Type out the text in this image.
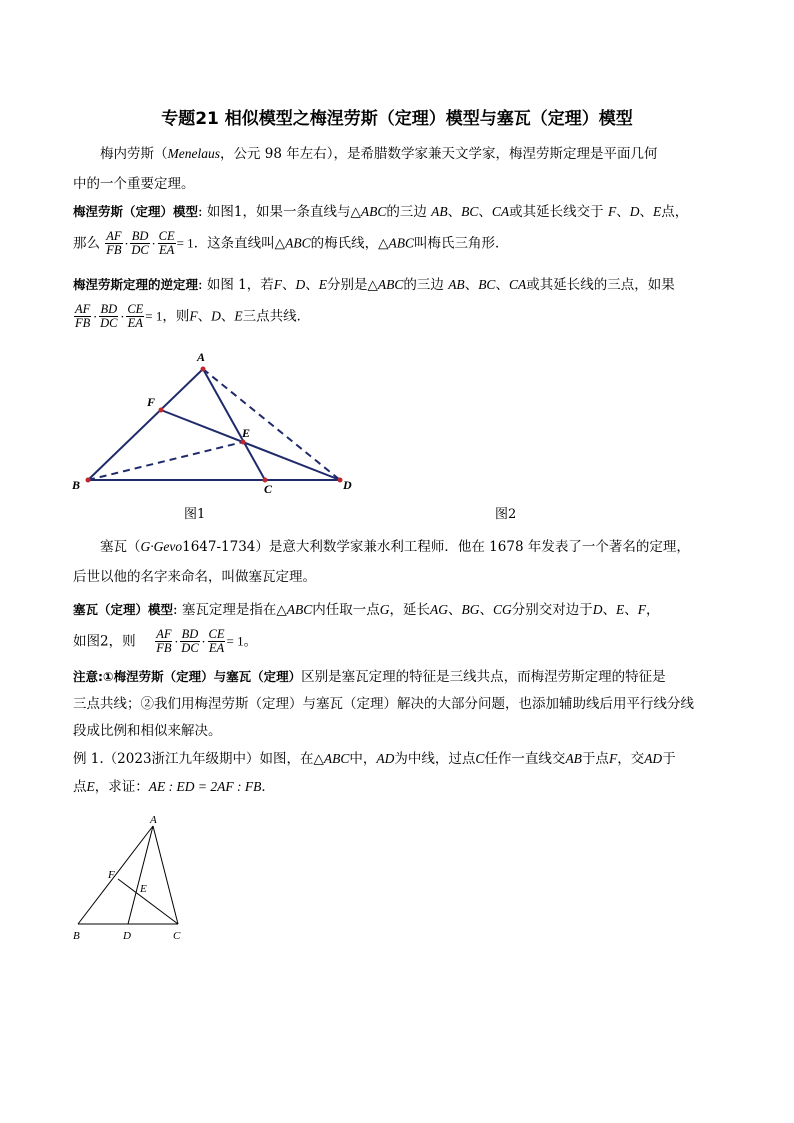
专题21 相似模型之梅涅劳斯（定理）模型与塞瓦（定理）模型
梅内劳斯（Menelaus，公元 98 年左右），是希腊数学家兼天文学家，梅涅劳斯定理是平面几何
中的一个重要定理。
梅涅劳斯（定理）模型: 如图1，如果一条直线与△ABC的三边 AB、BC、CA或其延长线交于 F、D、E点，
那么 $\frac{AF}{FB} \cdot \frac{BD}{DC} \cdot \frac{CE}{EA} = 1$．这条直线叫△ABC的梅氏线，△ABC叫梅氏三角形．
梅涅劳斯定理的逆定理: 如图 1，若F、D、E分别是△ABC的三边 AB、BC、CA或其延长线的三点，如果
$\frac{AF}{FB} \cdot \frac{BD}{DC} \cdot \frac{CE}{EA} = 1$，则F、D、E三点共线．
A
B	C	D
E
F
图1	图2
塞瓦（G·Gevo1647-1734）是意大利数学家兼水利工程师．他在 1678 年发表了一个著名的定理，
后世以他的名字来命名，叫做塞瓦定理。
塞瓦（定理）模型: 塞瓦定理是指在△ABC内任取一点G，延长AG、BG、CG分别交对边于D、E、F，
如图2，则 $\frac{AF}{FB} \cdot \frac{BD}{DC} \cdot \frac{CE}{EA} = 1$。
注意:①梅涅劳斯（定理）与塞瓦（定理）区别是塞瓦定理的特征是三线共点，而梅涅劳斯定理的特征是
三点共线；②我们用梅涅劳斯（定理）与塞瓦（定理）解决的大部分问题，也添加辅助线后用平行线分线
段成比例和相似来解决。
例 1.（2023浙江九年级期中）如图，在△ABC中，AD为中线，过点C任作一直线交AB于点F，交AD于
点E，求证：AE : ED = 2AF : FB．
A
B	C
D
E
F
